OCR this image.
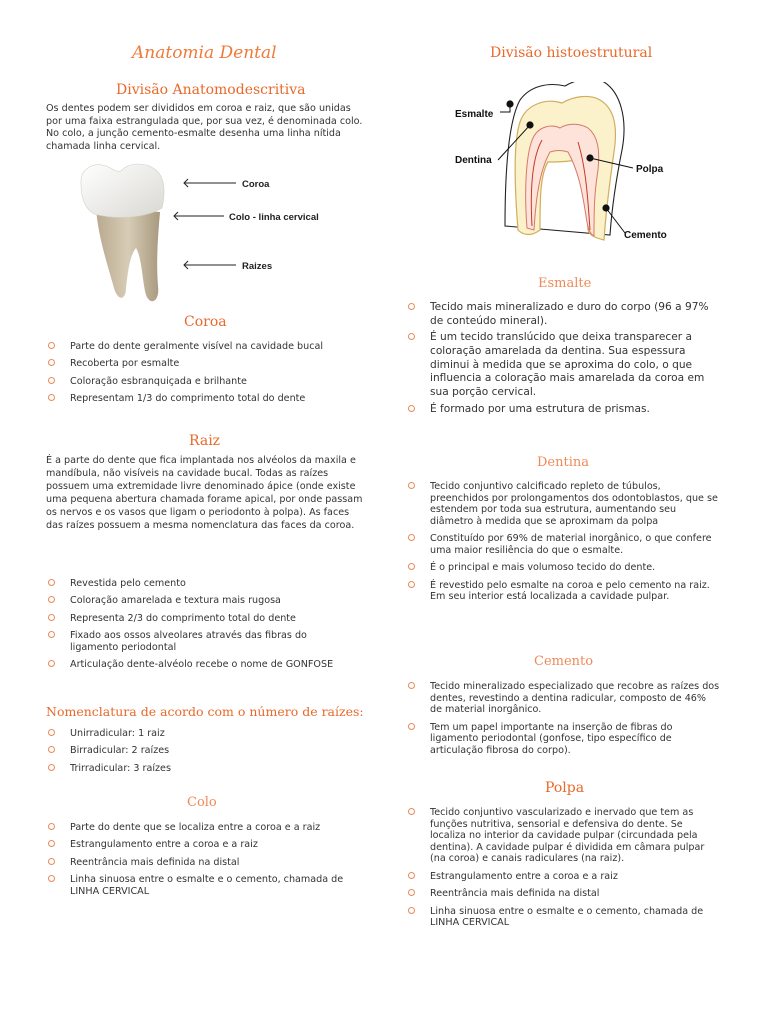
Anatomia Dental
Divisão Anatomodescritiva

Os dentes podem ser divididos em coroa e raiz, que são unidas por uma faixa estrangulada que, por sua vez, é denominada colo. No colo, a junção cemento-esmalte desenha uma linha nítida chamada linha cervical.

Coroa
Colo - linha cervical
Raizes
Coroa
Parte do dente geralmente visível na cavidade bucal
Recoberta por esmalte
Coloração esbranquiçada e brilhante
Representam 1/3 do comprimento total do dente
Raiz

É a parte do dente que fica implantada nos alvéolos da maxila e mandíbula, não visíveis na cavidade bucal. Todas as raízes possuem uma extremidade livre denominado ápice (onde existe uma pequena abertura chamada forame apical, por onde passam os nervos e os vasos que ligam o periodonto à polpa). As faces das raízes possuem a mesma nomenclatura das faces da coroa.

Revestida pelo cemento
Coloração amarelada e textura mais rugosa
Representa 2/3 do comprimento total do dente
Fixado aos ossos alveolares através das fibras do ligamento periodontal
Articulação dente-alvéolo recebe o nome de GONFOSE
Nomenclatura de acordo com o número de raízes:
Unirradicular: 1 raiz
Birradicular: 2 raízes
Trirradicular: 3 raízes
Colo
Parte do dente que se localiza entre a coroa e a raiz
Estrangulamento entre a coroa e a raiz
Reentrância mais definida na distal
Linha sinuosa entre o esmalte e o cemento, chamada de LINHA CERVICAL
Divisão histoestrutural
Esmalte
Dentina
Polpa
Cemento
Esmalte
Tecido mais mineralizado e duro do corpo (96 a 97% de conteúdo mineral).
É um tecido translúcido que deixa transparecer a coloração amarelada da dentina. Sua espessura diminui à medida que se aproxima do colo, o que influencia a coloração mais amarelada da coroa em sua porção cervical.
É formado por uma estrutura de prismas.
Dentina
Tecido conjuntivo calcificado repleto de túbulos, preenchidos por prolongamentos dos odontoblastos, que se estendem por toda sua estrutura, aumentando seu diâmetro à medida que se aproximam da polpa
Constituído por 69% de material inorgânico, o que confere uma maior resiliência do que o esmalte.
É o principal e mais volumoso tecido do dente.
É revestido pelo esmalte na coroa e pelo cemento na raiz. Em seu interior está localizada a cavidade pulpar.
Cemento
Tecido mineralizado especializado que recobre as raízes dos dentes, revestindo a dentina radicular, composto de 46% de material inorgânico.
Tem um papel importante na inserção de fibras do ligamento periodontal (gonfose, tipo específico de articulação fibrosa do corpo).
Polpa
Tecido conjuntivo vascularizado e inervado que tem as funções nutritiva, sensorial e defensiva do dente. Se localiza no interior da cavidade pulpar (circundada pela dentina). A cavidade pulpar é dividida em câmara pulpar (na coroa) e canais radiculares (na raiz).
Estrangulamento entre a coroa e a raiz
Reentrância mais definida na distal
Linha sinuosa entre o esmalte e o cemento, chamada de LINHA CERVICAL
